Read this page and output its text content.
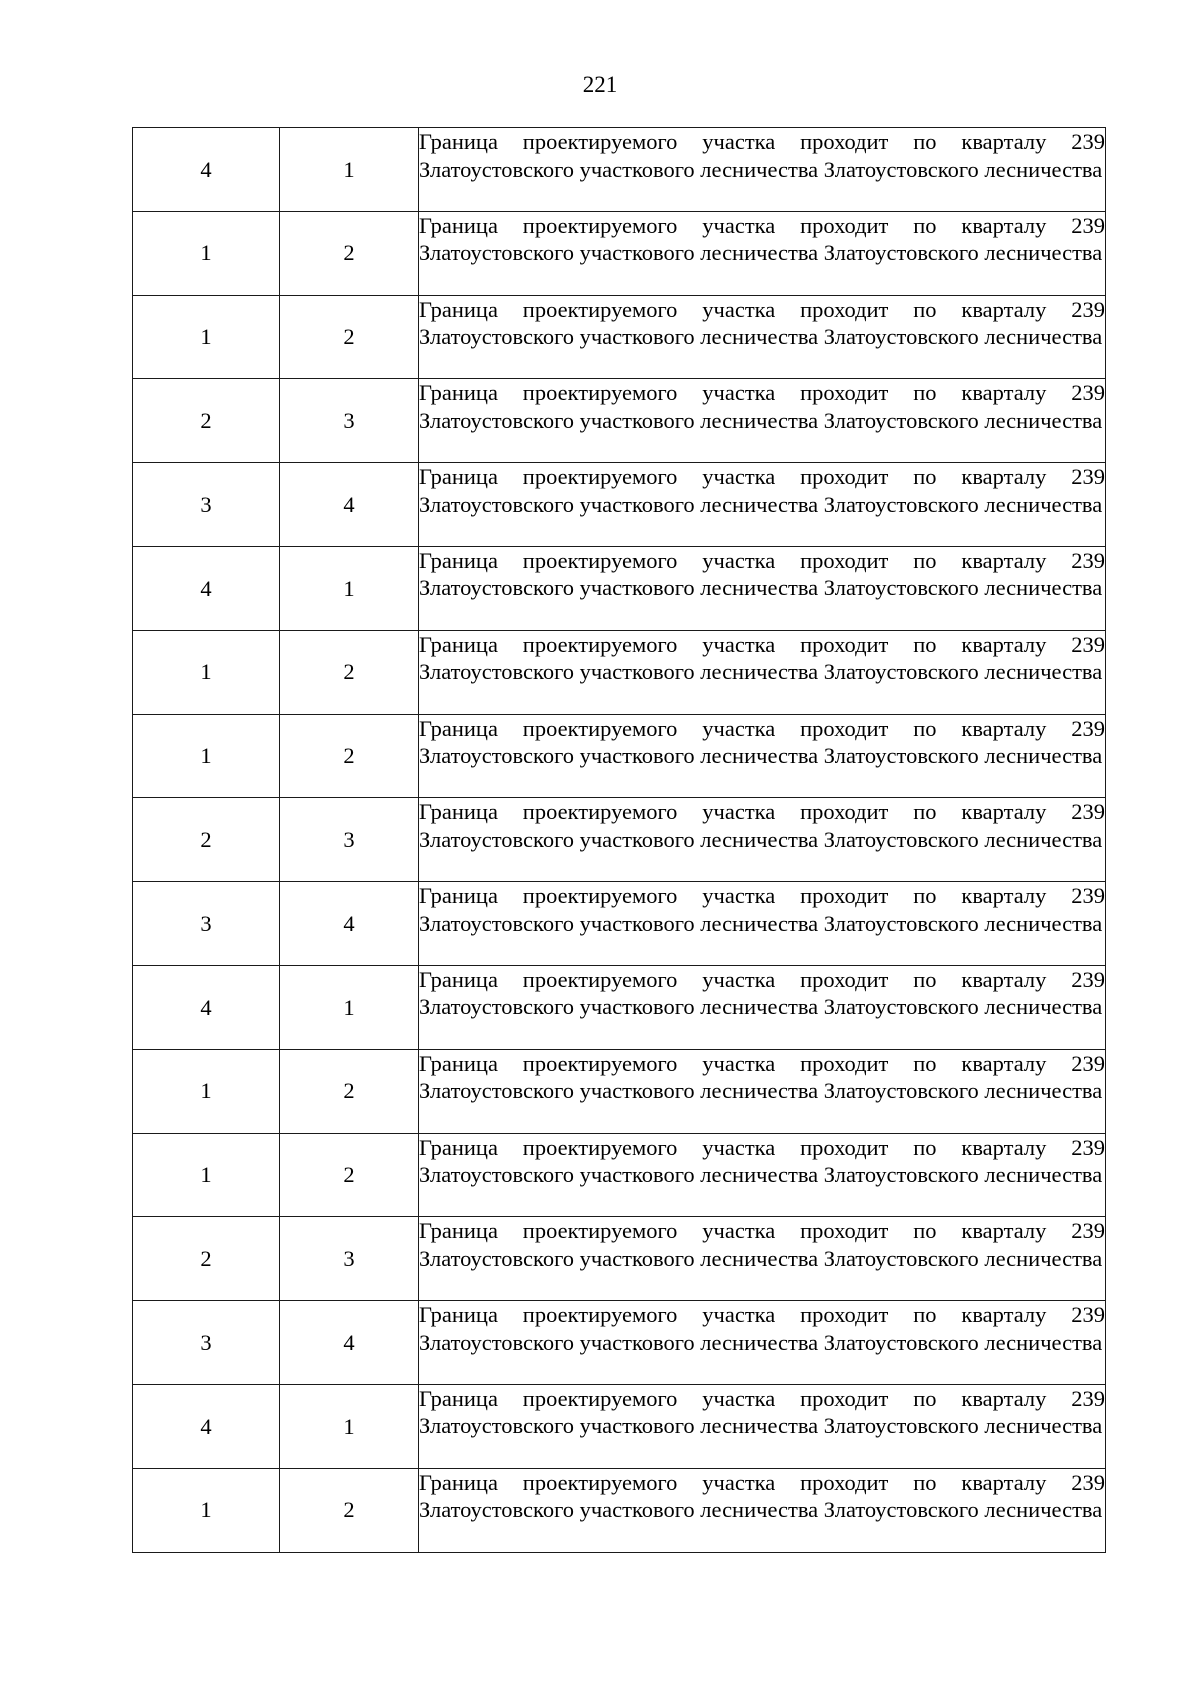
221
4	1	Граница проектируемого участка проходит по кварталу 239 Златоустовского участкового лесничества Златоустовского лесничества

1	2	Граница проектируемого участка проходит по кварталу 239 Златоустовского участкового лесничества Златоустовского лесничества

1	2	Граница проектируемого участка проходит по кварталу 239 Златоустовского участкового лесничества Златоустовского лесничества

2	3	Граница проектируемого участка проходит по кварталу 239 Златоустовского участкового лесничества Златоустовского лесничества

3	4	Граница проектируемого участка проходит по кварталу 239 Златоустовского участкового лесничества Златоустовского лесничества

4	1	Граница проектируемого участка проходит по кварталу 239 Златоустовского участкового лесничества Златоустовского лесничества

1	2	Граница проектируемого участка проходит по кварталу 239 Златоустовского участкового лесничества Златоустовского лесничества

1	2	Граница проектируемого участка проходит по кварталу 239 Златоустовского участкового лесничества Златоустовского лесничества

2	3	Граница проектируемого участка проходит по кварталу 239 Златоустовского участкового лесничества Златоустовского лесничества

3	4	Граница проектируемого участка проходит по кварталу 239 Златоустовского участкового лесничества Златоустовского лесничества

4	1	Граница проектируемого участка проходит по кварталу 239 Златоустовского участкового лесничества Златоустовского лесничества

1	2	Граница проектируемого участка проходит по кварталу 239 Златоустовского участкового лесничества Златоустовского лесничества

1	2	Граница проектируемого участка проходит по кварталу 239 Златоустовского участкового лесничества Златоустовского лесничества

2	3	Граница проектируемого участка проходит по кварталу 239 Златоустовского участкового лесничества Златоустовского лесничества

3	4	Граница проектируемого участка проходит по кварталу 239 Златоустовского участкового лесничества Златоустовского лесничества

4	1	Граница проектируемого участка проходит по кварталу 239 Златоустовского участкового лесничества Златоустовского лесничества

1	2	Граница проектируемого участка проходит по кварталу 239 Златоустовского участкового лесничества Златоустовского лесничества
